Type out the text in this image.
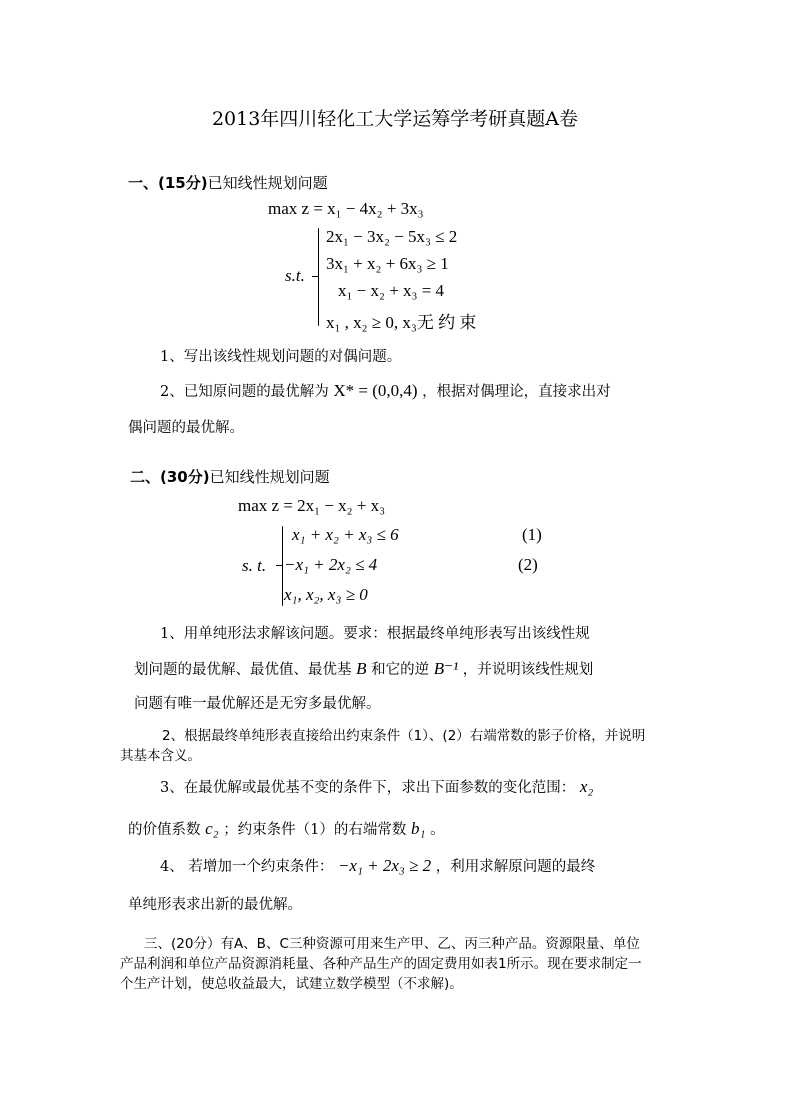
2013年四川轻化工大学运筹学考研真题A卷
一、(15分)已知线性规划问题
max z = x₁ − 4x₂ + 3x₃
s.t.
2x₁ − 3x₂ − 5x₃ ≤ 2
3x₁ + x₂ + 6x₃ ≥ 1
x₁ − x₂ + x₃ = 4
x₁ , x₂ ≥ 0, x₃无 约 束
1、写出该线性规划问题的对偶问题。
2、已知原问题的最优解为 X* = (0,0,4) ，根据对偶理论，直接求出对
偶问题的最优解。
二、(30分)已知线性规划问题
max z = 2x₁ − x₂ + x₃
s. t.
x₁ + x₂ + x₃ ≤ 6
−x₁ + 2x₂ ≤ 4
x₁, x₂, x₃ ≥ 0
(1)
(2)
1、用单纯形法求解该问题。要求：根据最终单纯形表写出该线性规
划问题的最优解、最优值、最优基 B 和它的逆 B⁻¹ ，并说明该线性规划
问题有唯一最优解还是无穷多最优解。
2、根据最终单纯形表直接给出约束条件（1）、(2）右端常数的影子价格，并说明
其基本含义。
3、在最优解或最优基不变的条件下，求出下面参数的变化范围： x₂
的价值系数 c₂ ；约束条件（1）的右端常数 b₁ 。
4、 若增加一个约束条件： −x₁ + 2x₃ ≥ 2 ，利用求解原问题的最终
单纯形表求出新的最优解。
三、(20分）有A、B、C三种资源可用来生产甲、乙、丙三种产品。资源限量、单位
产品利润和单位产品资源消耗量、各种产品生产的固定费用如表1所示。现在要求制定一
个生产计划，使总收益最大，试建立数学模型（不求解)。
